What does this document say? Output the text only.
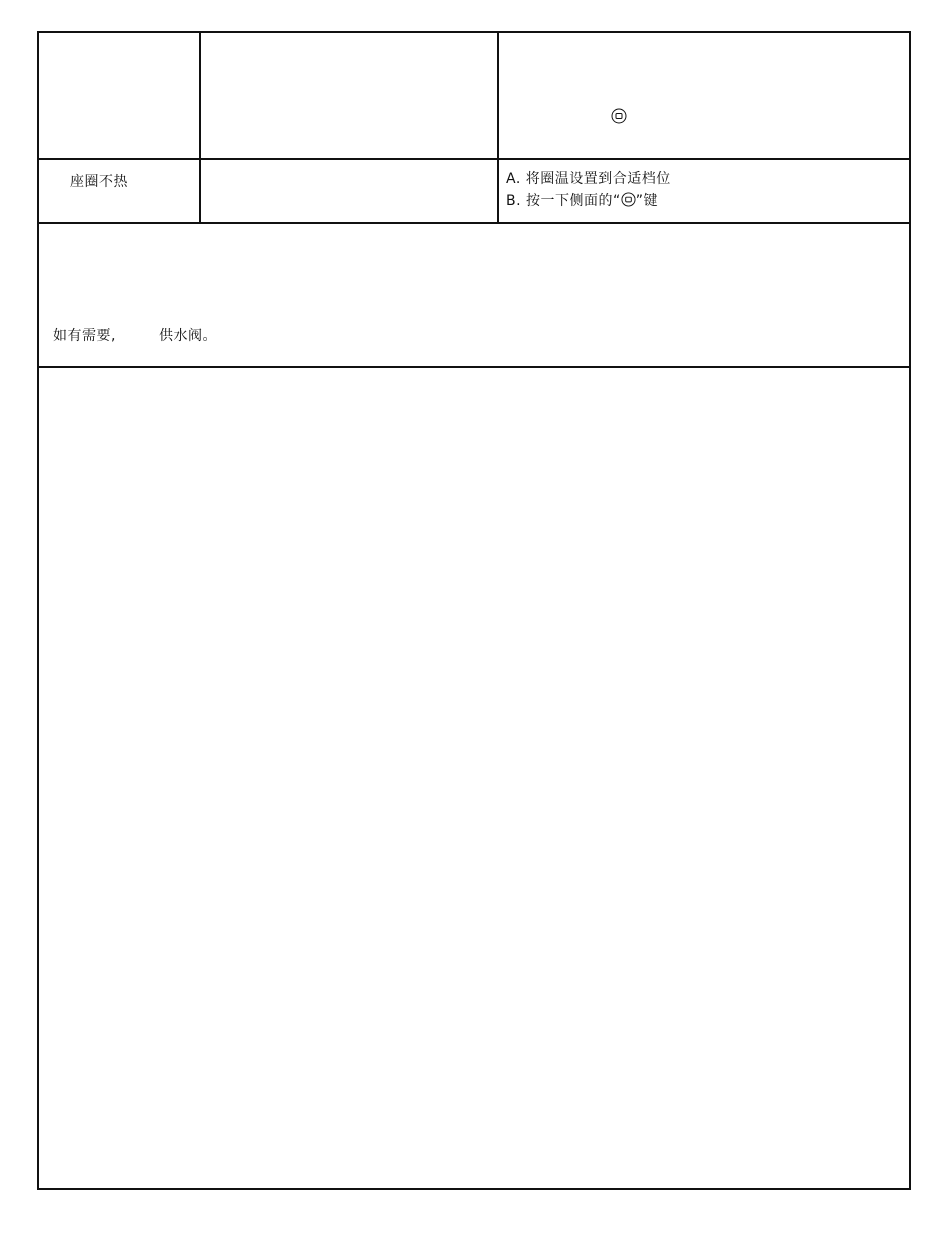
座圈不热	A. 将圈温设置到合适档位
B. 按一下侧面的“ ”键
如有需要,	供水阀。
